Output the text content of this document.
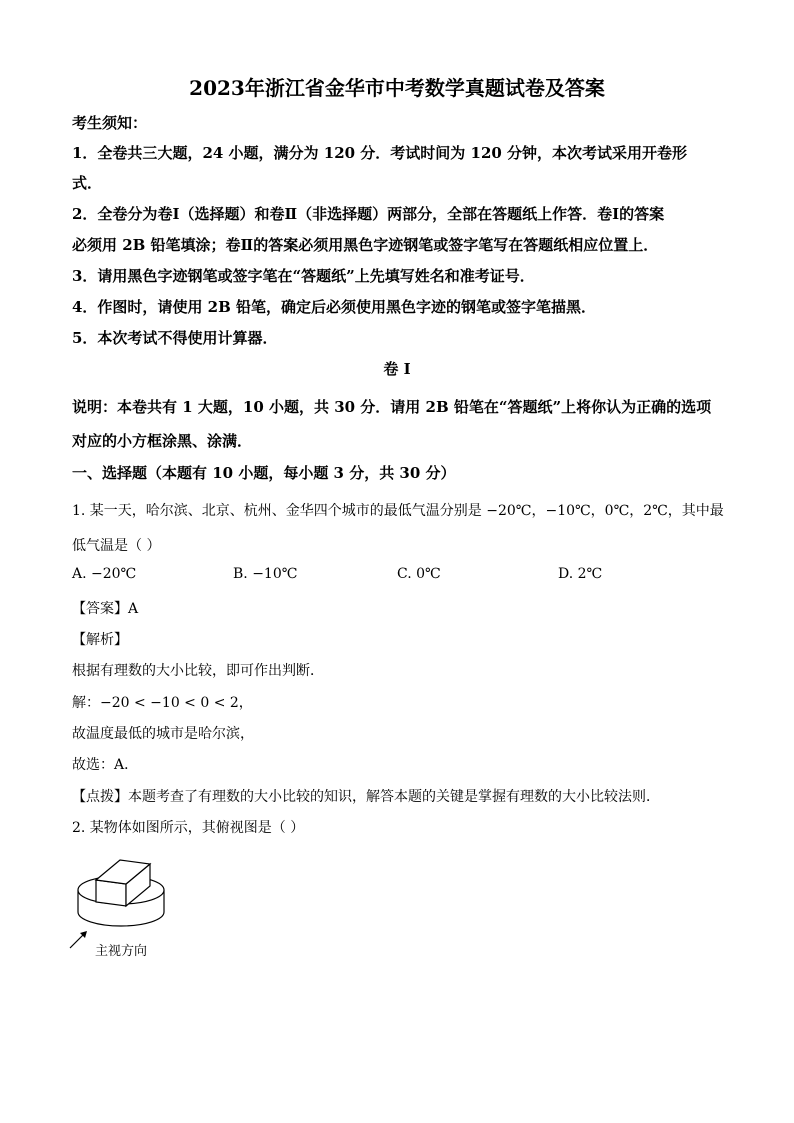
2023年浙江省金华市中考数学真题试卷及答案
考生须知：
1．全卷共三大题，24 小题，满分为 120 分．考试时间为 120 分钟，本次考试采用开卷形
式．
2．全卷分为卷Ⅰ（选择题）和卷Ⅱ（非选择题）两部分，全部在答题纸上作答．卷Ⅰ的答案
必须用 2B 铅笔填涂；卷Ⅱ的答案必须用黑色字迹钢笔或签字笔写在答题纸相应位置上．
3．请用黑色字迹钢笔或签字笔在“答题纸”上先填写姓名和准考证号．
4．作图时，请使用 2B 铅笔，确定后必须使用黑色字迹的钢笔或签字笔描黑．
5．本次考试不得使用计算器．
卷 I
说明：本卷共有 1 大题，10 小题，共 30 分．请用 2B 铅笔在“答题纸”上将你认为正确的选项
对应的小方框涂黑、涂满．
一、选择题（本题有 10 小题，每小题 3 分，共 30 分）
1. 某一天，哈尔滨、北京、杭州、金华四个城市的最低气温分别是 −20℃，−10℃，0℃，2℃，其中最
低气温是（ ）
A. −20℃	B. −10℃	C. 0℃	D. 2℃
【答案】A
【解析】
根据有理数的大小比较，即可作出判断．
解：−20 < −10 < 0 < 2，
故温度最低的城市是哈尔滨，
故选：A．
【点拨】本题考查了有理数的大小比较的知识，解答本题的关键是掌握有理数的大小比较法则．
2. 某物体如图所示，其俯视图是（ ）
主视方向
